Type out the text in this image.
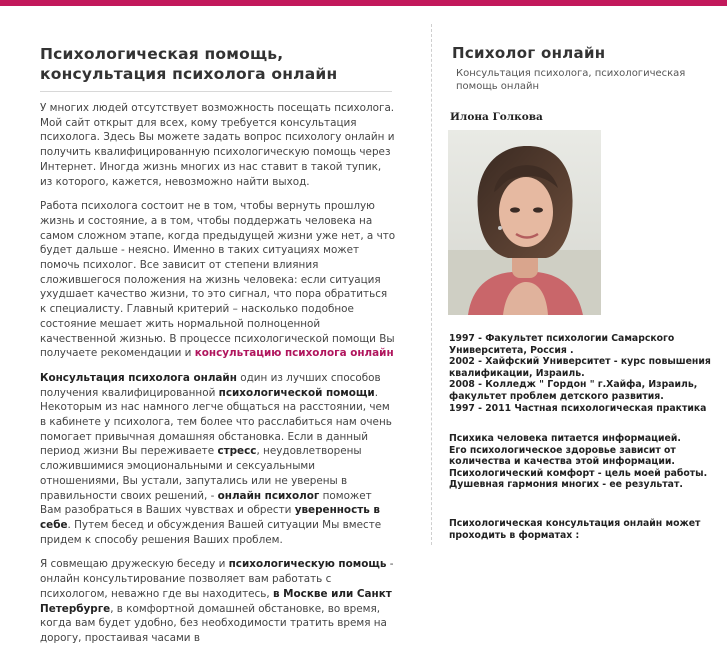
Психологическая помощь,
консультация психолога онлайн

У многих людей отсутствует возможность посещать психолога. Мой сайт открыт для всех, кому требуется консультация психолога. Здесь Вы можете задать вопрос психологу онлайн и получить квалифицированную психологическую помощь через Интернет. Иногда жизнь многих из нас ставит в такой тупик, из которого, кажется, невозможно найти выход.

Работа психолога состоит не в том, чтобы вернуть прошлую жизнь и состояние, а в том, чтобы поддержать человека на самом сложном этапе, когда предыдущей жизни уже нет, а что будет дальше - неясно. Именно в таких ситуациях может помочь психолог. Все зависит от степени влияния сложившегося положения на жизнь человека: если ситуация ухудшает качество жизни, то это сигнал, что пора обратиться к специалисту. Главный критерий – насколько подобное состояние мешает жить нормальной полноценной качественной жизнью. В процессе психологической помощи Вы получаете рекомендации и консультацию психолога онлайн

Консультация психолога онлайн один из лучших способов получения квалифицированной психологической помощи. Некоторым из нас намного легче общаться на расстоянии, чем в кабинете у психолога, тем более что расслабиться нам очень помогает привычная домашняя обстановка. Если в данный период жизни Вы переживаете стресс, неудовлетворены сложившимися эмоциональными и сексуальными отношениями, Вы устали, запутались или не уверены в правильности своих решений, - онлайн психолог поможет Вам разобраться в Ваших чувствах и обрести уверенность в себе. Путем бесед и обсуждения Вашей ситуации Мы вместе придем к способу решения Ваших проблем.

Я совмещаю дружескую беседу и психологическую помощь - онлайн консультирование позволяет вам работать с психологом, неважно где вы находитесь, в Москве или Санкт Петербурге, в комфортной домашней обстановке, во время, когда вам будет удобно, без необходимости тратить время на дорогу, простаивая часами в

Психолог онлайн
Консультация психолога, психологическая помощь онлайн
Илона Голкова
1997 - Факультет психологии Самарского Университета, Россия .
2002 - Хайфский Университет - курс повышения квалификации, Израиль.
2008 - Колледж " Гордон " г.Хайфа, Израиль, факультет проблем детского развития.
1997 - 2011 Частная психологическая практика
Психика человека питается информацией.
Его психологическое здоровье зависит от количества и качества этой информации.
Психологический комфорт - цель моей работы.
Душевная гармония многих - ее результат.
Психологическая консультация онлайн может проходить в форматах :
